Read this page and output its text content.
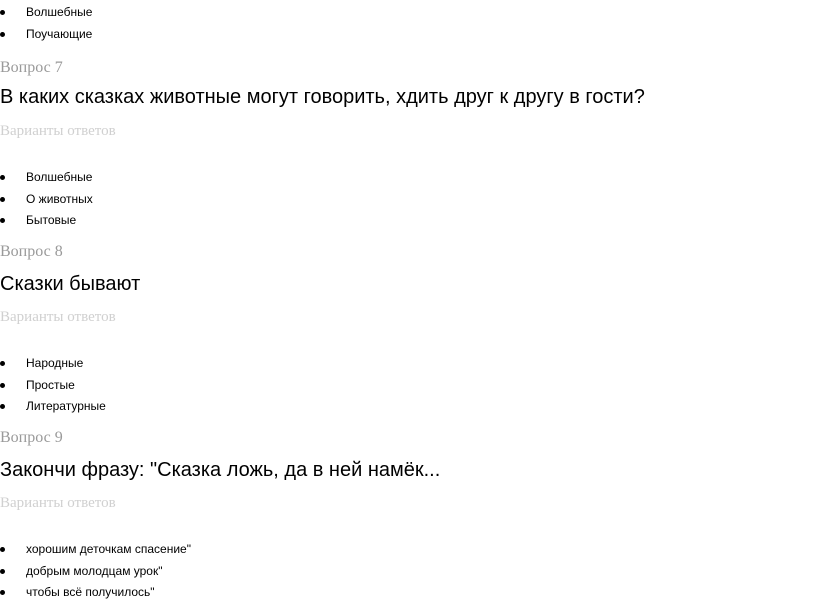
Волшебные
Поучающие
Вопрос 7
В каких сказках животные могут говорить, хдить друг к другу в гости?
Варианты ответов
Волшебные
О животных
Бытовые
Вопрос 8
Сказки бывают
Варианты ответов
Народные
Простые
Литературные
Вопрос 9
Закончи фразу: "Сказка ложь, да в ней намёк...
Варианты ответов
хорошим деточкам спасение"
добрым молодцам урок"
чтобы всё получилось"
